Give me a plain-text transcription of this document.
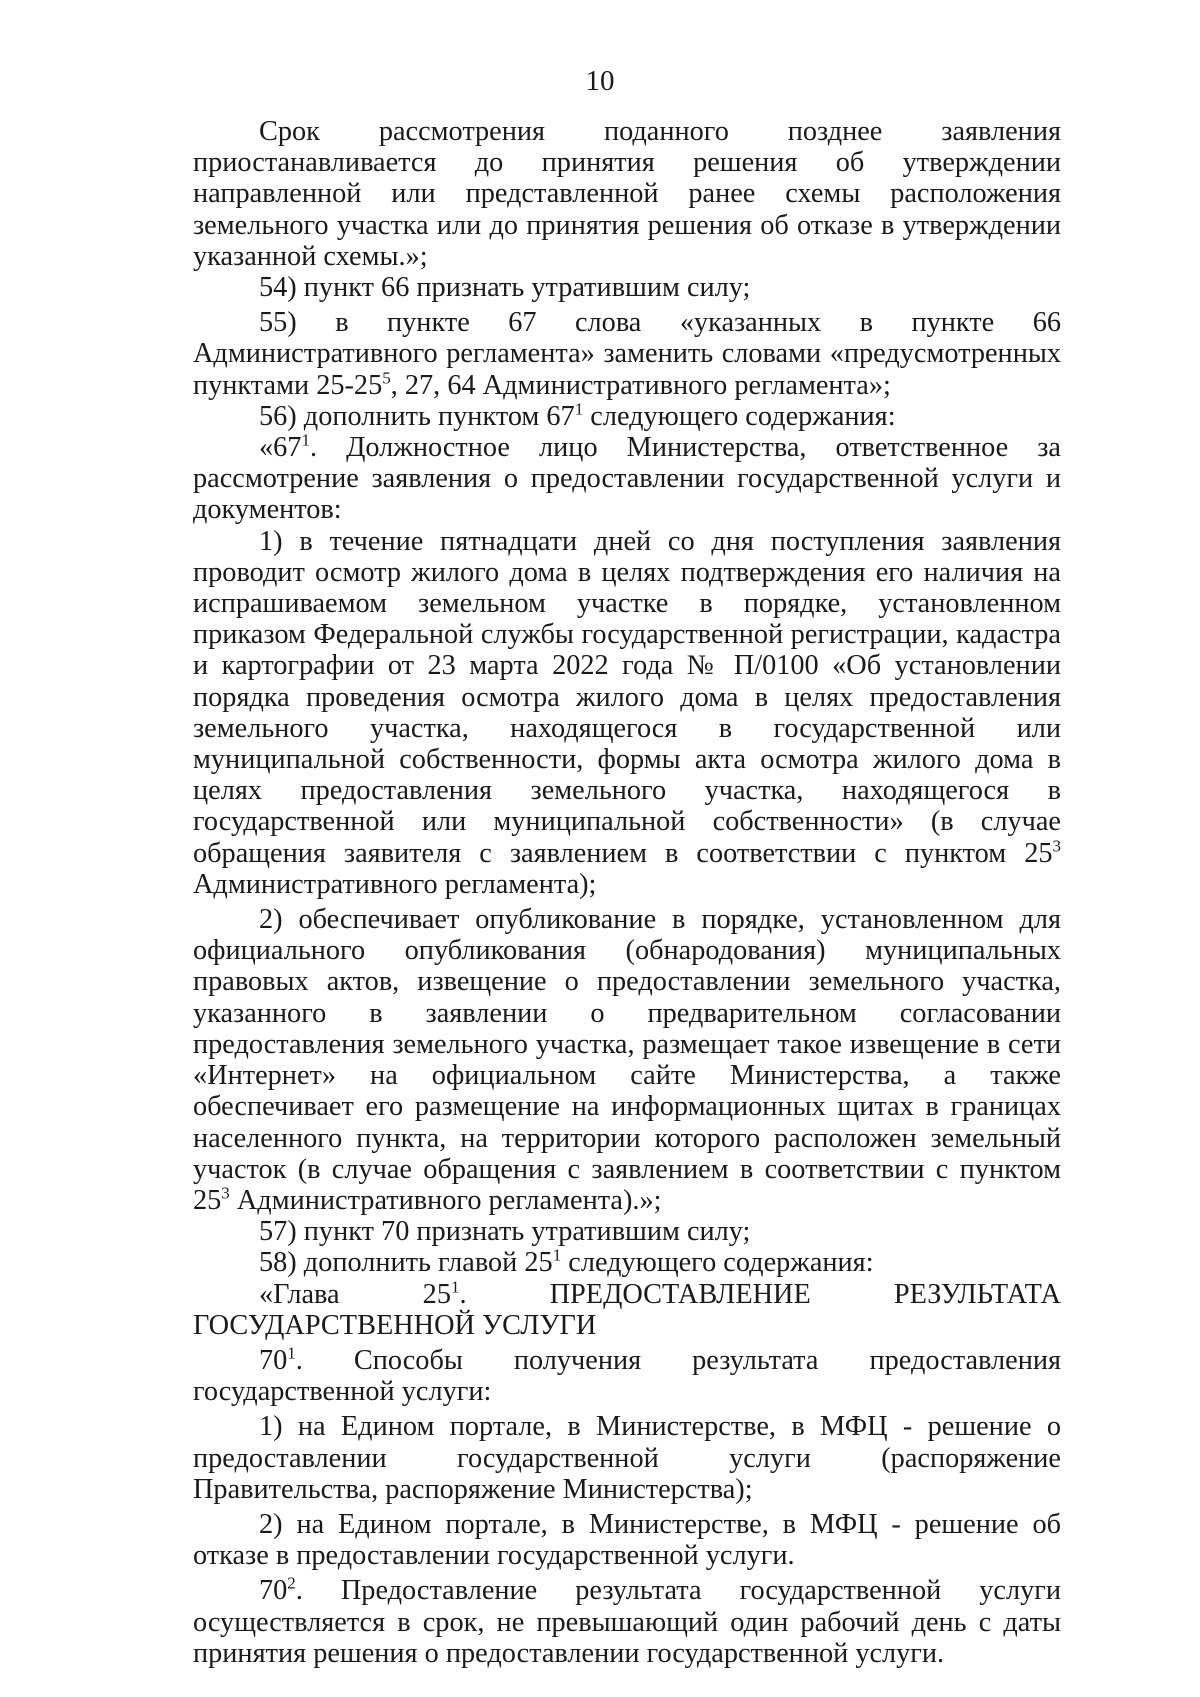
10

Срок рассмотрения поданного позднее заявления приостанавливается до принятия решения об утверждении направленной или представленной ранее схемы расположения земельного участка или до принятия решения об отказе в утверждении указанной схемы.»;

54) пункт 66 признать утратившим силу;

55) в пункте 67 слова «указанных в пункте 66 Административного регламента» заменить словами «предусмотренных пунктами $25-25^5$, 27, 64 Административного регламента»;

56) дополнить пунктом $67^1$ следующего содержания:

«$67^1$. Должностное лицо Министерства, ответственное за рассмотрение заявления о предоставлении государственной услуги и документов:

1) в течение пятнадцати дней со дня поступления заявления проводит осмотр жилого дома в целях подтверждения его наличия на испрашиваемом земельном участке в порядке, установленном приказом Федеральной службы государственной регистрации, кадастра и картографии от 23 марта 2022 года № П/0100 «Об установлении порядка проведения осмотра жилого дома в целях предоставления земельного участка, находящегося в государственной или муниципальной собственности, формы акта осмотра жилого дома в целях предоставления земельного участка, находящегося в государственной или муниципальной собственности» (в случае обращения заявителя с заявлением в соответствии с пунктом $25^3$ Административного регламента);

2) обеспечивает опубликование в порядке, установленном для официального опубликования (обнародования) муниципальных правовых актов, извещение о предоставлении земельного участка, указанного в заявлении о предварительном согласовании предоставления земельного участка, размещает такое извещение в сети «Интернет» на официальном сайте Министерства, а также обеспечивает его размещение на информационных щитах в границах населенного пункта, на территории которого расположен земельный участок (в случае обращения с заявлением в соответствии с пунктом $25^3$ Административного регламента).»;

57) пункт 70 признать утратившим силу;

58) дополнить главой $25^1$ следующего содержания:

«Глава $25^1$. ПРЕДОСТАВЛЕНИЕ РЕЗУЛЬТАТА

ГОСУДАРСТВЕННОЙ УСЛУГИ

$70^1$. Способы получения результата предоставления государственной услуги:

1) на Едином портале, в Министерстве, в МФЦ - решение о предоставлении государственной услуги (распоряжение Правительства, распоряжение Министерства);

2) на Едином портале, в Министерстве, в МФЦ - решение об отказе в предоставлении государственной услуги.

$70^2$. Предоставление результата государственной услуги осуществляется в срок, не превышающий один рабочий день с даты принятия решения о предоставлении государственной услуги.
